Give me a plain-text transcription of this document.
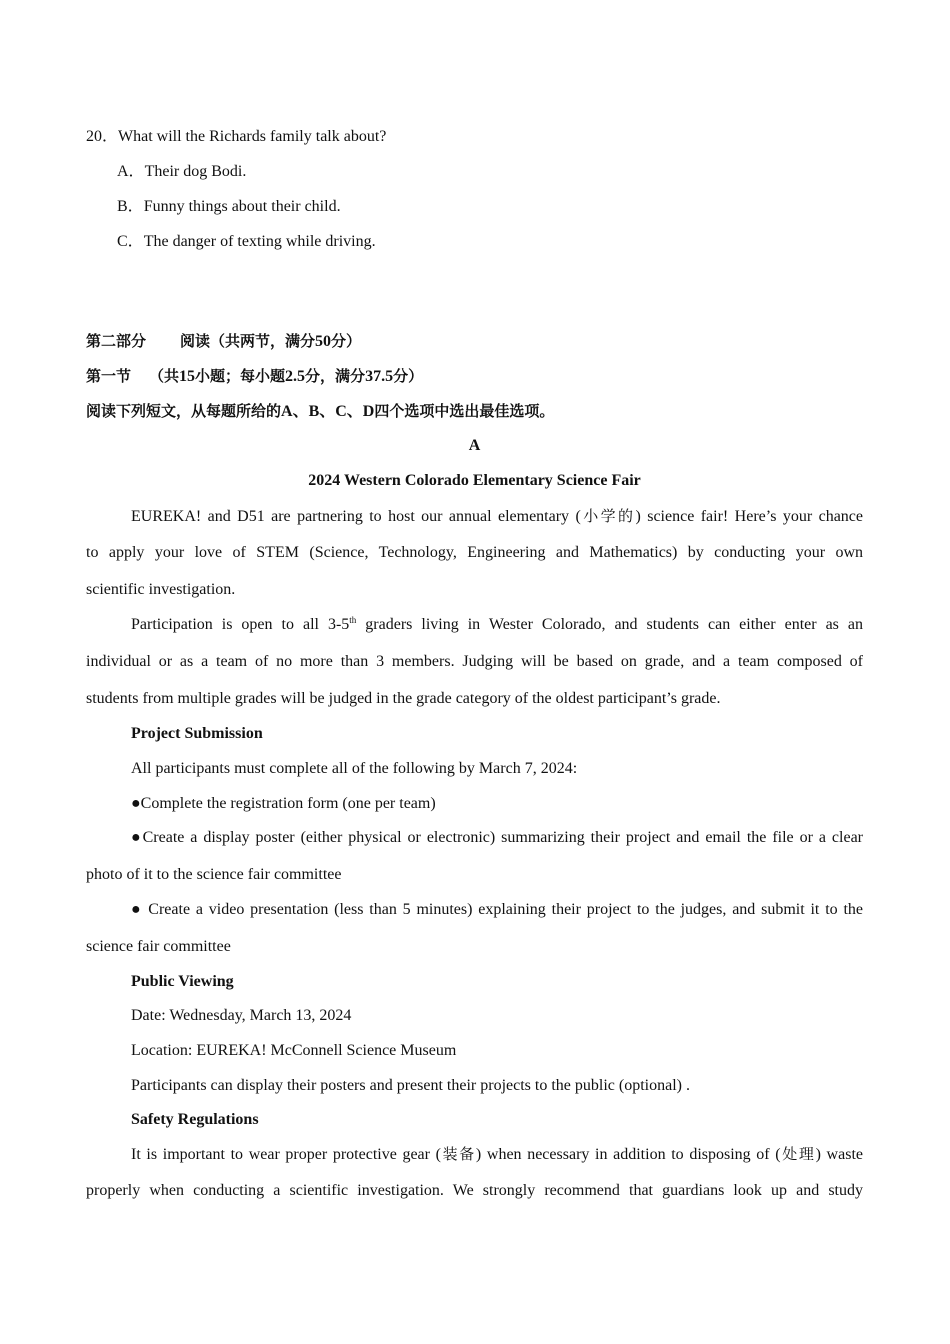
20．What will the Richards family talk about?
A．Their dog Bodi.
B．Funny things about their child.
C．The danger of texting while driving.
第二部分 阅读（共两节，满分50分）
第一节 （共15小题；每小题2.5分，满分37.5分）
阅读下列短文，从每题所给的A、B、C、D四个选项中选出最佳选项。
A
2024 Western Colorado Elementary Science Fair
EUREKA! and D51 are partnering to host our annual elementary (小学的) science fair! Here’s your chance
to apply your love of STEM (Science, Technology, Engineering and Mathematics) by conducting your own
scientific investigation.
Participation is open to all 3-5th graders living in Wester Colorado, and students can either enter as an
individual or as a team of no more than 3 members. Judging will be based on grade, and a team composed of
students from multiple grades will be judged in the grade category of the oldest participant’s grade.
Project Submission
All participants must complete all of the following by March 7, 2024:
●Complete the registration form (one per team)
●Create a display poster (either physical or electronic) summarizing their project and email the file or a clear
photo of it to the science fair committee
● Create a video presentation (less than 5 minutes) explaining their project to the judges, and submit it to the
science fair committee
Public Viewing
Date: Wednesday, March 13, 2024
Location: EUREKA! McConnell Science Museum
Participants can display their posters and present their projects to the public (optional) .
Safety Regulations
It is important to wear proper protective gear (装备) when necessary in addition to disposing of (处理) waste
properly when conducting a scientific investigation. We strongly recommend that guardians look up and study
